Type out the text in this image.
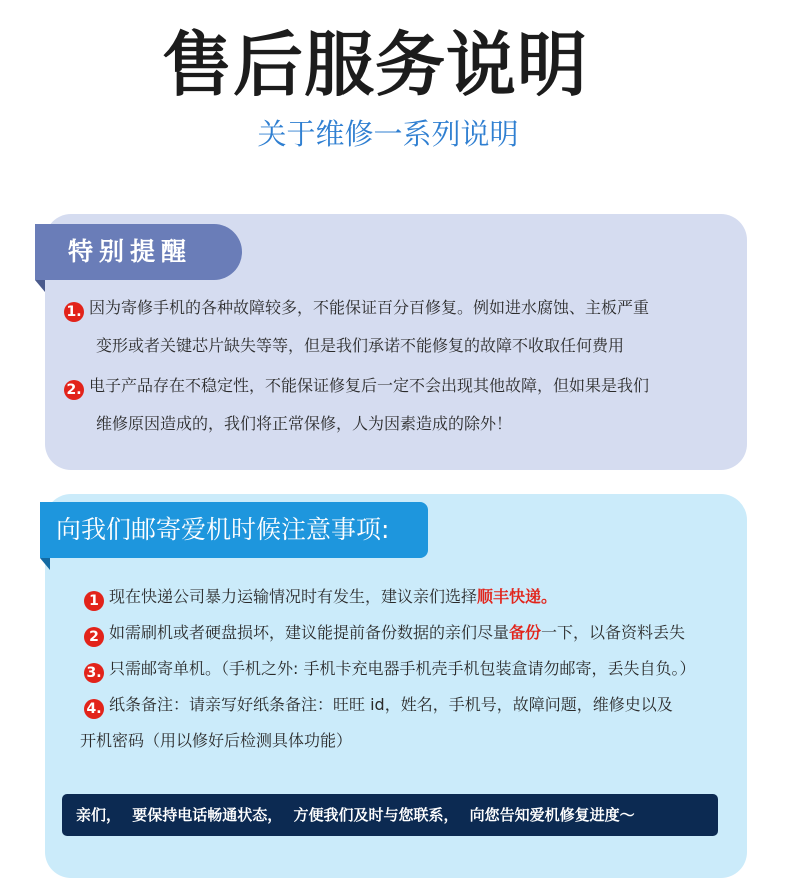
售后服务说明
关于维修一系列说明
特别提醒
1. 因为寄修手机的各种故障较多，不能保证百分百修复。例如进水腐蚀、主板严重
变形或者关键芯片缺失等等，但是我们承诺不能修复的故障不收取任何费用
2. 电子产品存在不稳定性，不能保证修复后一定不会出现其他故障，但如果是我们
维修原因造成的，我们将正常保修，人为因素造成的除外！
向我们邮寄爱机时候注意事项:
1 现在快递公司暴力运输情况时有发生，建议亲们选择顺丰快递。
2 如需刷机或者硬盘损坏，建议能提前备份数据的亲们尽量备份一下，以备资料丢失
3. 只需邮寄单机。（手机之外: 手机卡充电器手机壳手机包装盒请勿邮寄，丢失自负。）
4. 纸条备注：请亲写好纸条备注：旺旺 id，姓名，手机号，故障问题，维修史以及
开机密码（用以修好后检测具体功能）
亲们， 要保持电话畅通状态， 方便我们及时与您联系， 向您告知爱机修复进度～
